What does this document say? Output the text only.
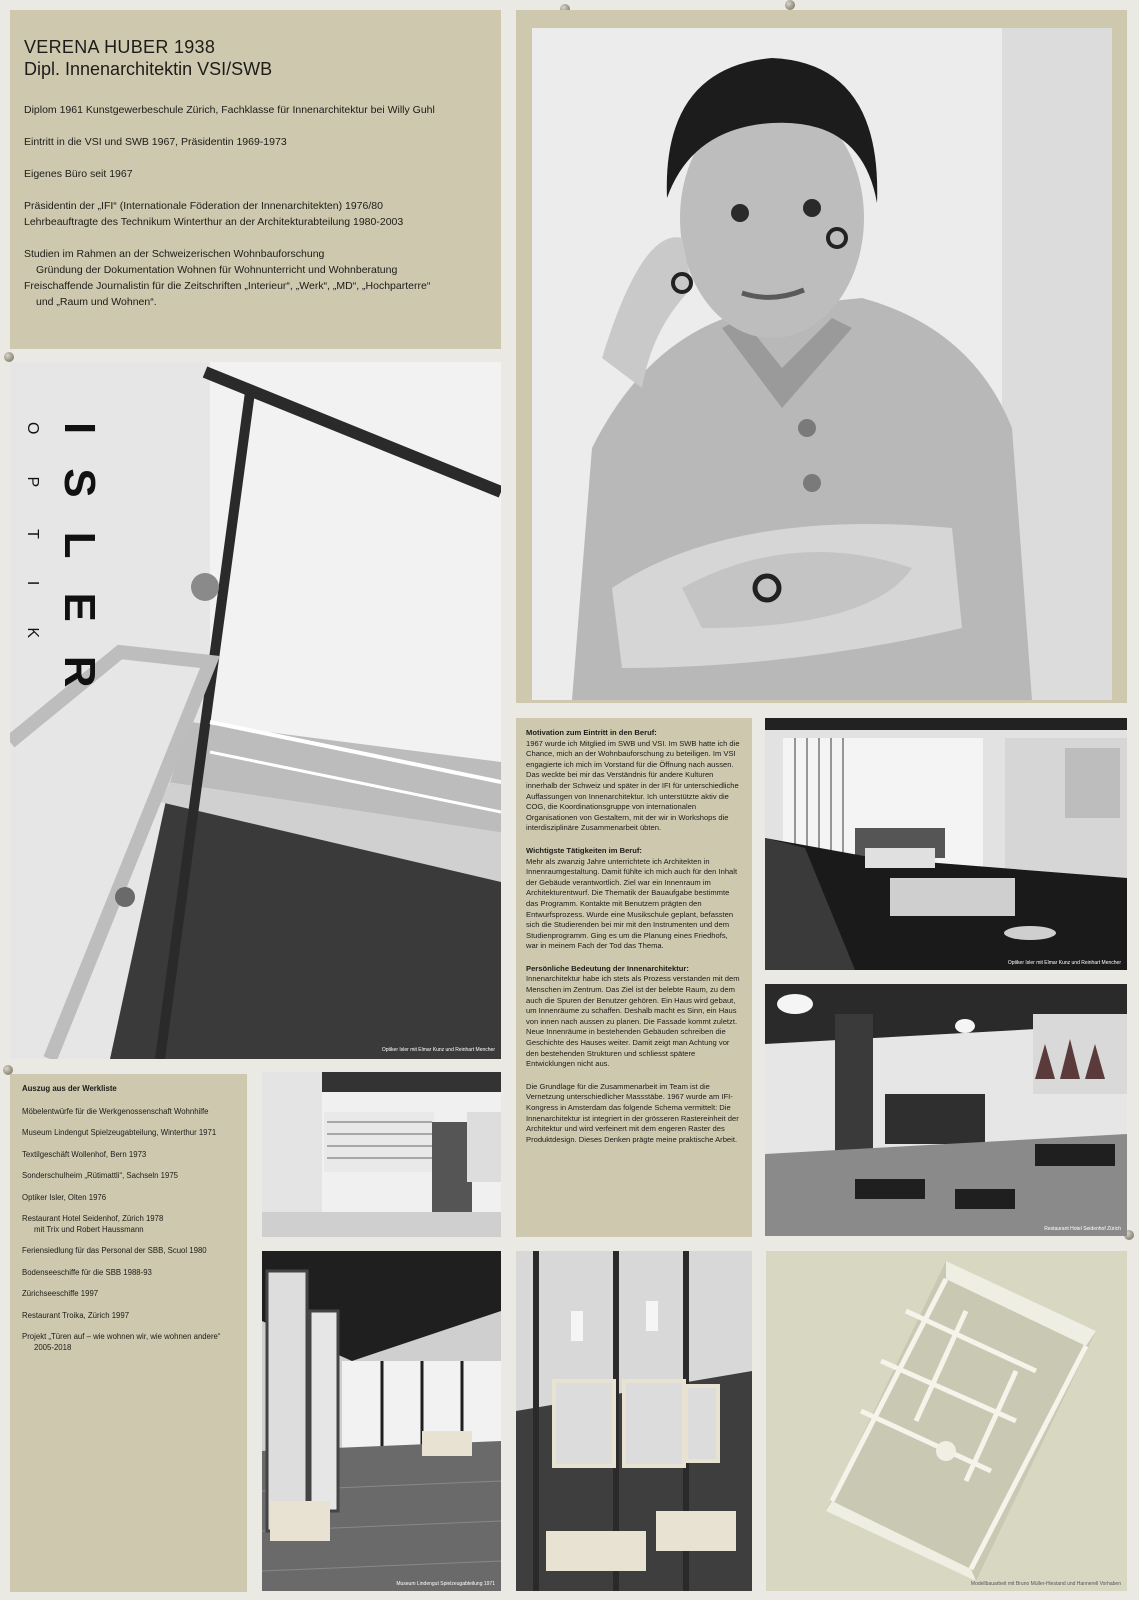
VERENA HUBER 1938
Dipl. Innenarchitektin VSI/SWB
Diplom 1961 Kunstgewerbeschule Zürich, Fachklasse für Innenarchitektur bei Willy Guhl
Eintritt in die VSI und SWB 1967, Präsidentin 1969-1973
Eigenes Büro seit 1967
Präsidentin der „IFI“ (Internationale Föderation der Innenarchitekten) 1976/80
Lehrbeauftragte des Technikum Winterthur an der Architekturabteilung 1980-2003
Studien im Rahmen an der Schweizerischen Wohnbauforschung
Gründung der Dokumentation Wohnen für Wohnunterricht und Wohnberatung
Freischaffende Journalistin für die Zeitschriften „Interieur“, „Werk“, „MD“, „Hochparterre“
und „Raum und Wohnen“.
ISLER
OPTIK
Optiker Isler mit Elmar Kunz und Reinhart Mencher
Motivation zum Eintritt in den Beruf:

1967 wurde ich Mitglied im SWB und VSI. Im SWB hatte ich die Chance, mich an der Wohnbauforschung zu beteiligen. Im VSI engagierte ich mich im Vorstand für die Öffnung nach aussen. Das weckte bei mir das Verständnis für andere Kulturen innerhalb der Schweiz und später in der IFI für unterschiedliche Auffassungen von Innenarchitektur. Ich unterstützte aktiv die COG, die Koordinationsgruppe von internationalen Organisationen von Gestaltern, mit der wir in Workshops die interdisziplinäre Zusammenarbeit übten.

Wichtigste Tätigkeiten im Beruf:

Mehr als zwanzig Jahre unterrichtete ich Architekten in Innenraumgestaltung. Damit fühlte ich mich auch für den Inhalt der Gebäude verantwortlich. Ziel war ein Innenraum im Architekturentwurf. Die Thematik der Bauaufgabe bestimmte das Programm. Kontakte mit Benutzern prägten den Entwurfsprozess. Wurde eine Musikschule geplant, befassten sich die Studierenden bei mir mit den Instrumenten und dem Studienprogramm. Ging es um die Planung eines Friedhofs, war in meinem Fach der Tod das Thema.

Persönliche Bedeutung der Innenarchitektur:

Innenarchitektur habe ich stets als Prozess verstanden mit dem Menschen im Zentrum. Das Ziel ist der belebte Raum, zu dem auch die Spuren der Benutzer gehören. Ein Haus wird gebaut, um Innenräume zu schaffen. Deshalb macht es Sinn, ein Haus von innen nach aussen zu planen. Die Fassade kommt zuletzt. Neue Innenräume in bestehenden Gebäuden schreiben die Geschichte des Hauses weiter. Damit zeigt man Achtung vor den bestehenden Strukturen und schliesst spätere Entwicklungen nicht aus.

Die Grundlage für die Zusammenarbeit im Team ist die Vernetzung unterschiedlicher Massstäbe. 1967 wurde am IFI-Kongress in Amsterdam das folgende Schema vermittelt: Die Innenarchitektur ist integriert in der grösseren Rastereinheit der Architektur und wird verfeinert mit dem engeren Raster des Produktdesign. Dieses Denken prägte meine praktische Arbeit.

Optiker Isler mit Elmar Kunz und Reinhart Mencher
Restaurant Hotel Seidenhof Zürich
Auszug aus der Werkliste
Möbelentwürfe für die Werkgenossenschaft Wohnhilfe
Museum Lindengut Spielzeugabteilung, Winterthur 1971
Textilgeschäft Wollenhof, Bern 1973
Sonderschulheim „Rütimattli“, Sachseln 1975
Optiker Isler, Olten 1976
Restaurant Hotel Seidenhof, Zürich 1978
mit Trix und Robert Haussmann
Feriensiedlung für das Personal der SBB, Scuol 1980
Bodenseeschiffe für die SBB 1988-93
Zürichseeschiffe 1997
Restaurant Troika, Zürich 1997
Projekt „Türen auf – wie wohnen wir, wie wohnen andere“
2005-2018
Museum Lindengut Spielzeugabteilung 1971	Modellbauarbeit mit Bruno Müller-Hiestand und Hannerell Vorhaben
